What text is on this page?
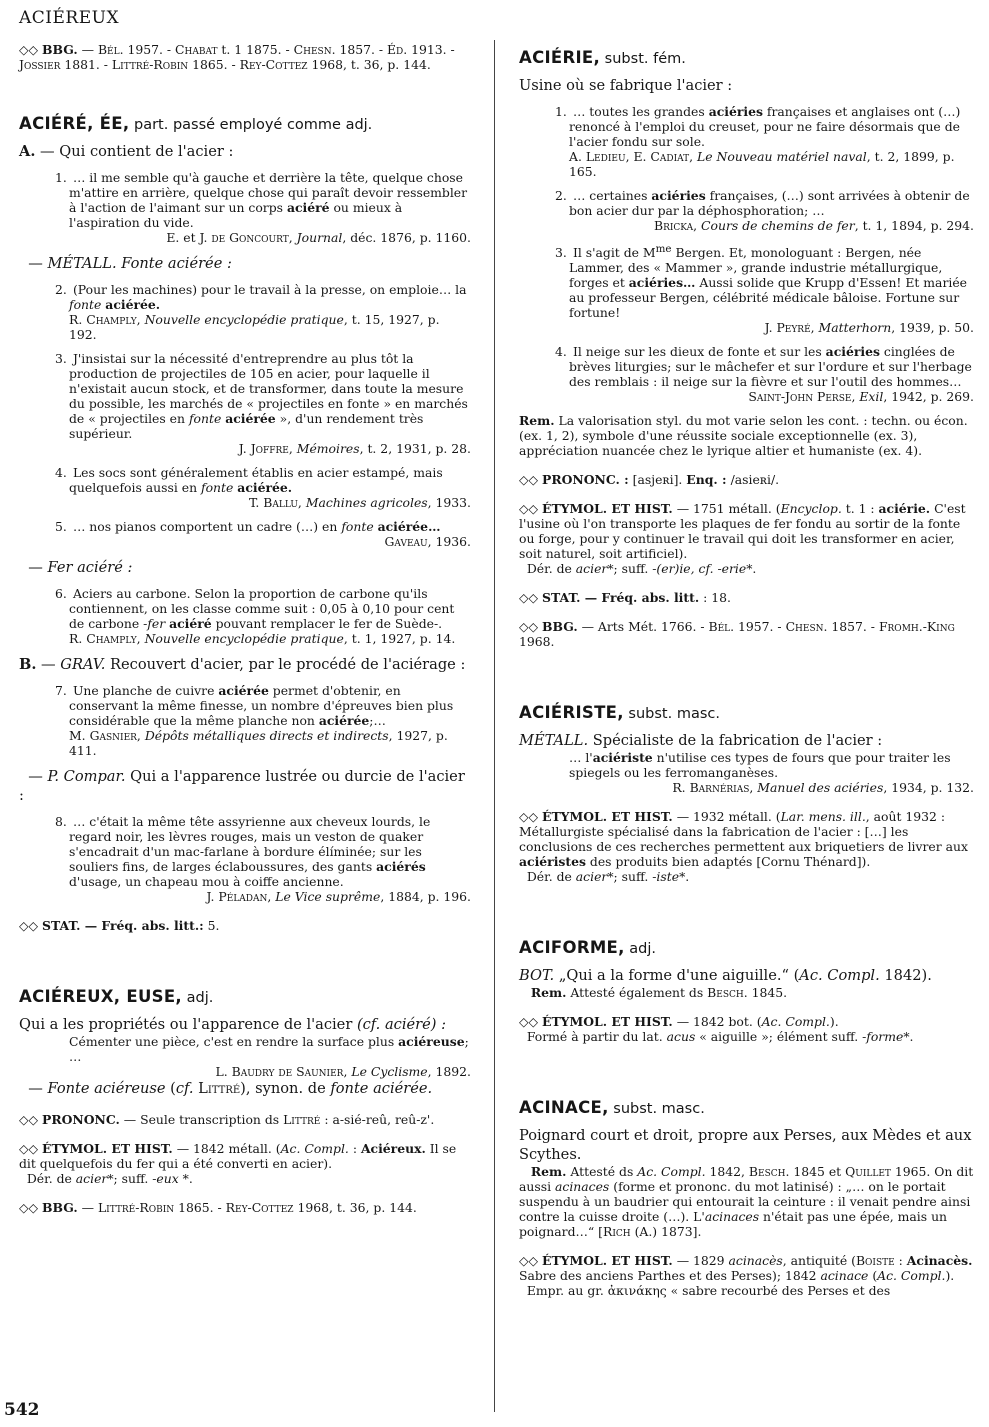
ACIÉREUX

◇◇ BBG. — Bél. 1957. - Chabat t. 1 1875. - Chesn. 1857. - Éd. 1913. - Jossier 1881. - Littré-Robin 1865. - Rey-Cottez 1968, t. 36, p. 144.

ACIÉRÉ, ÉE, part. passé employé comme adj.

A. — Qui contient de l'acier :

1. … il me semble qu'à gauche et derrière la tête, quelque chose m'attire en arrière, quelque chose qui paraît devoir ressembler à l'action de l'aimant sur un corps aciéré ou mieux à l'aspiration du vide.

E. et J. de Goncourt, Journal, déc. 1876, p. 1160.

— MÉTALL. Fonte aciérée :

2. (Pour les machines) pour le travail à la presse, on emploie… la fonte aciérée.
R. Champly, Nouvelle encyclopédie pratique, t. 15, 1927, p. 192.

3. J'insistai sur la nécessité d'entreprendre au plus tôt la production de projectiles de 105 en acier, pour laquelle il n'existait aucun stock, et de transformer, dans toute la mesure du possible, les marchés de « projectiles en fonte » en marchés de « projectiles en fonte aciérée », d'un rendement très supérieur.

J. Joffre, Mémoires, t. 2, 1931, p. 28.

4. Les socs sont généralement établis en acier estampé, mais quelquefois aussi en fonte aciérée.

T. Ballu, Machines agricoles, 1933.

5. … nos pianos comportent un cadre (…) en fonte aciérée…

Gaveau, 1936.

— Fer aciéré :

6. Aciers au carbone. Selon la proportion de carbone qu'ils contiennent, on les classe comme suit : 0,05 à 0,10 pour cent de carbone -fer aciéré pouvant remplacer le fer de Suède-.
R. Champly, Nouvelle encyclopédie pratique, t. 1, 1927, p. 14.

B. — GRAV. Recouvert d'acier, par le procédé de l'aciérage :

7. Une planche de cuivre aciérée permet d'obtenir, en conservant la même finesse, un nombre d'épreuves bien plus considérable que la même planche non aciérée;…
M. Gasnier, Dépôts métalliques directs et indirects, 1927, p. 411.

— P. Compar. Qui a l'apparence lustrée ou durcie de l'acier :

8. … c'était la même tête assyrienne aux cheveux lourds, le regard noir, les lèvres rouges, mais un veston de quaker s'encadrait d'un mac-farlane à bordure élíminée; sur les souliers fins, de larges éclaboussures, des gants aciérés d'usage, un chapeau mou à coiffe ancienne.

J. Péladan, Le Vice suprême, 1884, p. 196.

◇◇ STAT. — Fréq. abs. litt.: 5.

ACIÉREUX, EUSE, adj.

Qui a les propriétés ou l'apparence de l'acier (cf. aciéré) :

Cémenter une pièce, c'est en rendre la surface plus aciéreuse; …

L. Baudry de Saunier, Le Cyclisme, 1892.

— Fonte aciéreuse (cf. Littré), synon. de fonte aciérée.

◇◇ PRONONC. — Seule transcription ds Littré : a-sié-reû, reû-z'.

◇◇ ÉTYMOL. ET HIST. — 1842 métall. (Ac. Compl. : Aciéreux. Il se dit quelquefois du fer qui a été converti en acier).
Dér. de acier*; suff. -eux *.

◇◇ BBG. — Littré-Robin 1865. - Rey-Cottez 1968, t. 36, p. 144.

ACIÉRIE, subst. fém.

Usine où se fabrique l'acier :

1. … toutes les grandes aciéries françaises et anglaises ont (…) renoncé à l'emploi du creuset, pour ne faire désormais que de l'acier fondu sur sole.
A. Ledieu, E. Cadiat, Le Nouveau matériel naval, t. 2, 1899, p. 165.

2. … certaines aciéries françaises, (…) sont arrivées à obtenir de bon acier dur par la déphosphoration; …

Bricka, Cours de chemins de fer, t. 1, 1894, p. 294.

3. Il s'agit de $M^{me}$ Bergen. Et, monologuant : Bergen, née Lammer, des « Mammer », grande industrie métallurgique, forges et aciéries… Aussi solide que Krupp d'Essen! Et mariée au professeur Bergen, célébrité médicale bâloise. Fortune sur fortune!

J. Peyré, Matterhorn, 1939, p. 50.

4. Il neige sur les dieux de fonte et sur les aciéries cinglées de brèves liturgies; sur le mâchefer et sur l'ordure et sur l'herbage des remblais : il neige sur la fièvre et sur l'outil des hommes…

Saint-John Perse, Exil, 1942, p. 269.

Rem. La valorisation styl. du mot varie selon les cont. : techn. ou écon. (ex. 1, 2), symbole d'une réussite sociale exceptionnelle (ex. 3), appréciation nuancée chez le lyrique altier et humaniste (ex. 4).

◇◇ PRONONC. : [asjeʀi]. Enq. : /asieʀi/.

◇◇ ÉTYMOL. ET HIST. — 1751 métall. (Encyclop. t. 1 : aciérie. C'est l'usine où l'on transporte les plaques de fer fondu au sortir de la fonte ou forge, pour y continuer le travail qui doit les transformer en acier, soit naturel, soit artificiel).
Dér. de acier*; suff. -(er)ie, cf. -erie*.

◇◇ STAT. — Fréq. abs. litt. : 18.

◇◇ BBG. — Arts Mét. 1766. - Bél. 1957. - Chesn. 1857. - Fromh.-King 1968.

ACIÉRISTE, subst. masc.

MÉTALL. Spécialiste de la fabrication de l'acier :

… l'aciériste n'utilise ces types de fours que pour traiter les spiegels ou les ferromanganèses.

R. Barnérias, Manuel des aciéries, 1934, p. 132.

◇◇ ÉTYMOL. ET HIST. — 1932 métall. (Lar. mens. ill., août 1932 : Métallurgiste spécialisé dans la fabrication de l'acier : […] les conclusions de ces recherches permettent aux briquetiers de livrer aux aciéristes des produits bien adaptés [Cornu Thénard]).
Dér. de acier*; suff. -iste*.

ACIFORME, adj.

BOT. „Qui a la forme d'une aiguille.“ (Ac. Compl. 1842).

Rem. Attesté également ds Besch. 1845.

◇◇ ÉTYMOL. ET HIST. — 1842 bot. (Ac. Compl.).
Formé à partir du lat. acus « aiguille »; élément suff. -forme*.

ACINACE, subst. masc.

Poignard court et droit, propre aux Perses, aux Mèdes et aux Scythes.

Rem. Attesté ds Ac. Compl. 1842, Besch. 1845 et Quillet 1965. On dit aussi acinaces (forme et prononc. du mot latinisé) : „… on le portait suspendu à un baudrier qui entourait la ceinture : il venait pendre ainsi contre la cuisse droite (…). L'acinaces n'était pas une épée, mais un poignard…“ [Rich (A.) 1873].

◇◇ ÉTYMOL. ET HIST. — 1829 acinacès, antiquité (Boiste : Acinacès. Sabre des anciens Parthes et des Perses); 1842 acinace (Ac. Compl.).
Empr. au gr. ἀκινάκης « sabre recourbé des Perses et des

542
